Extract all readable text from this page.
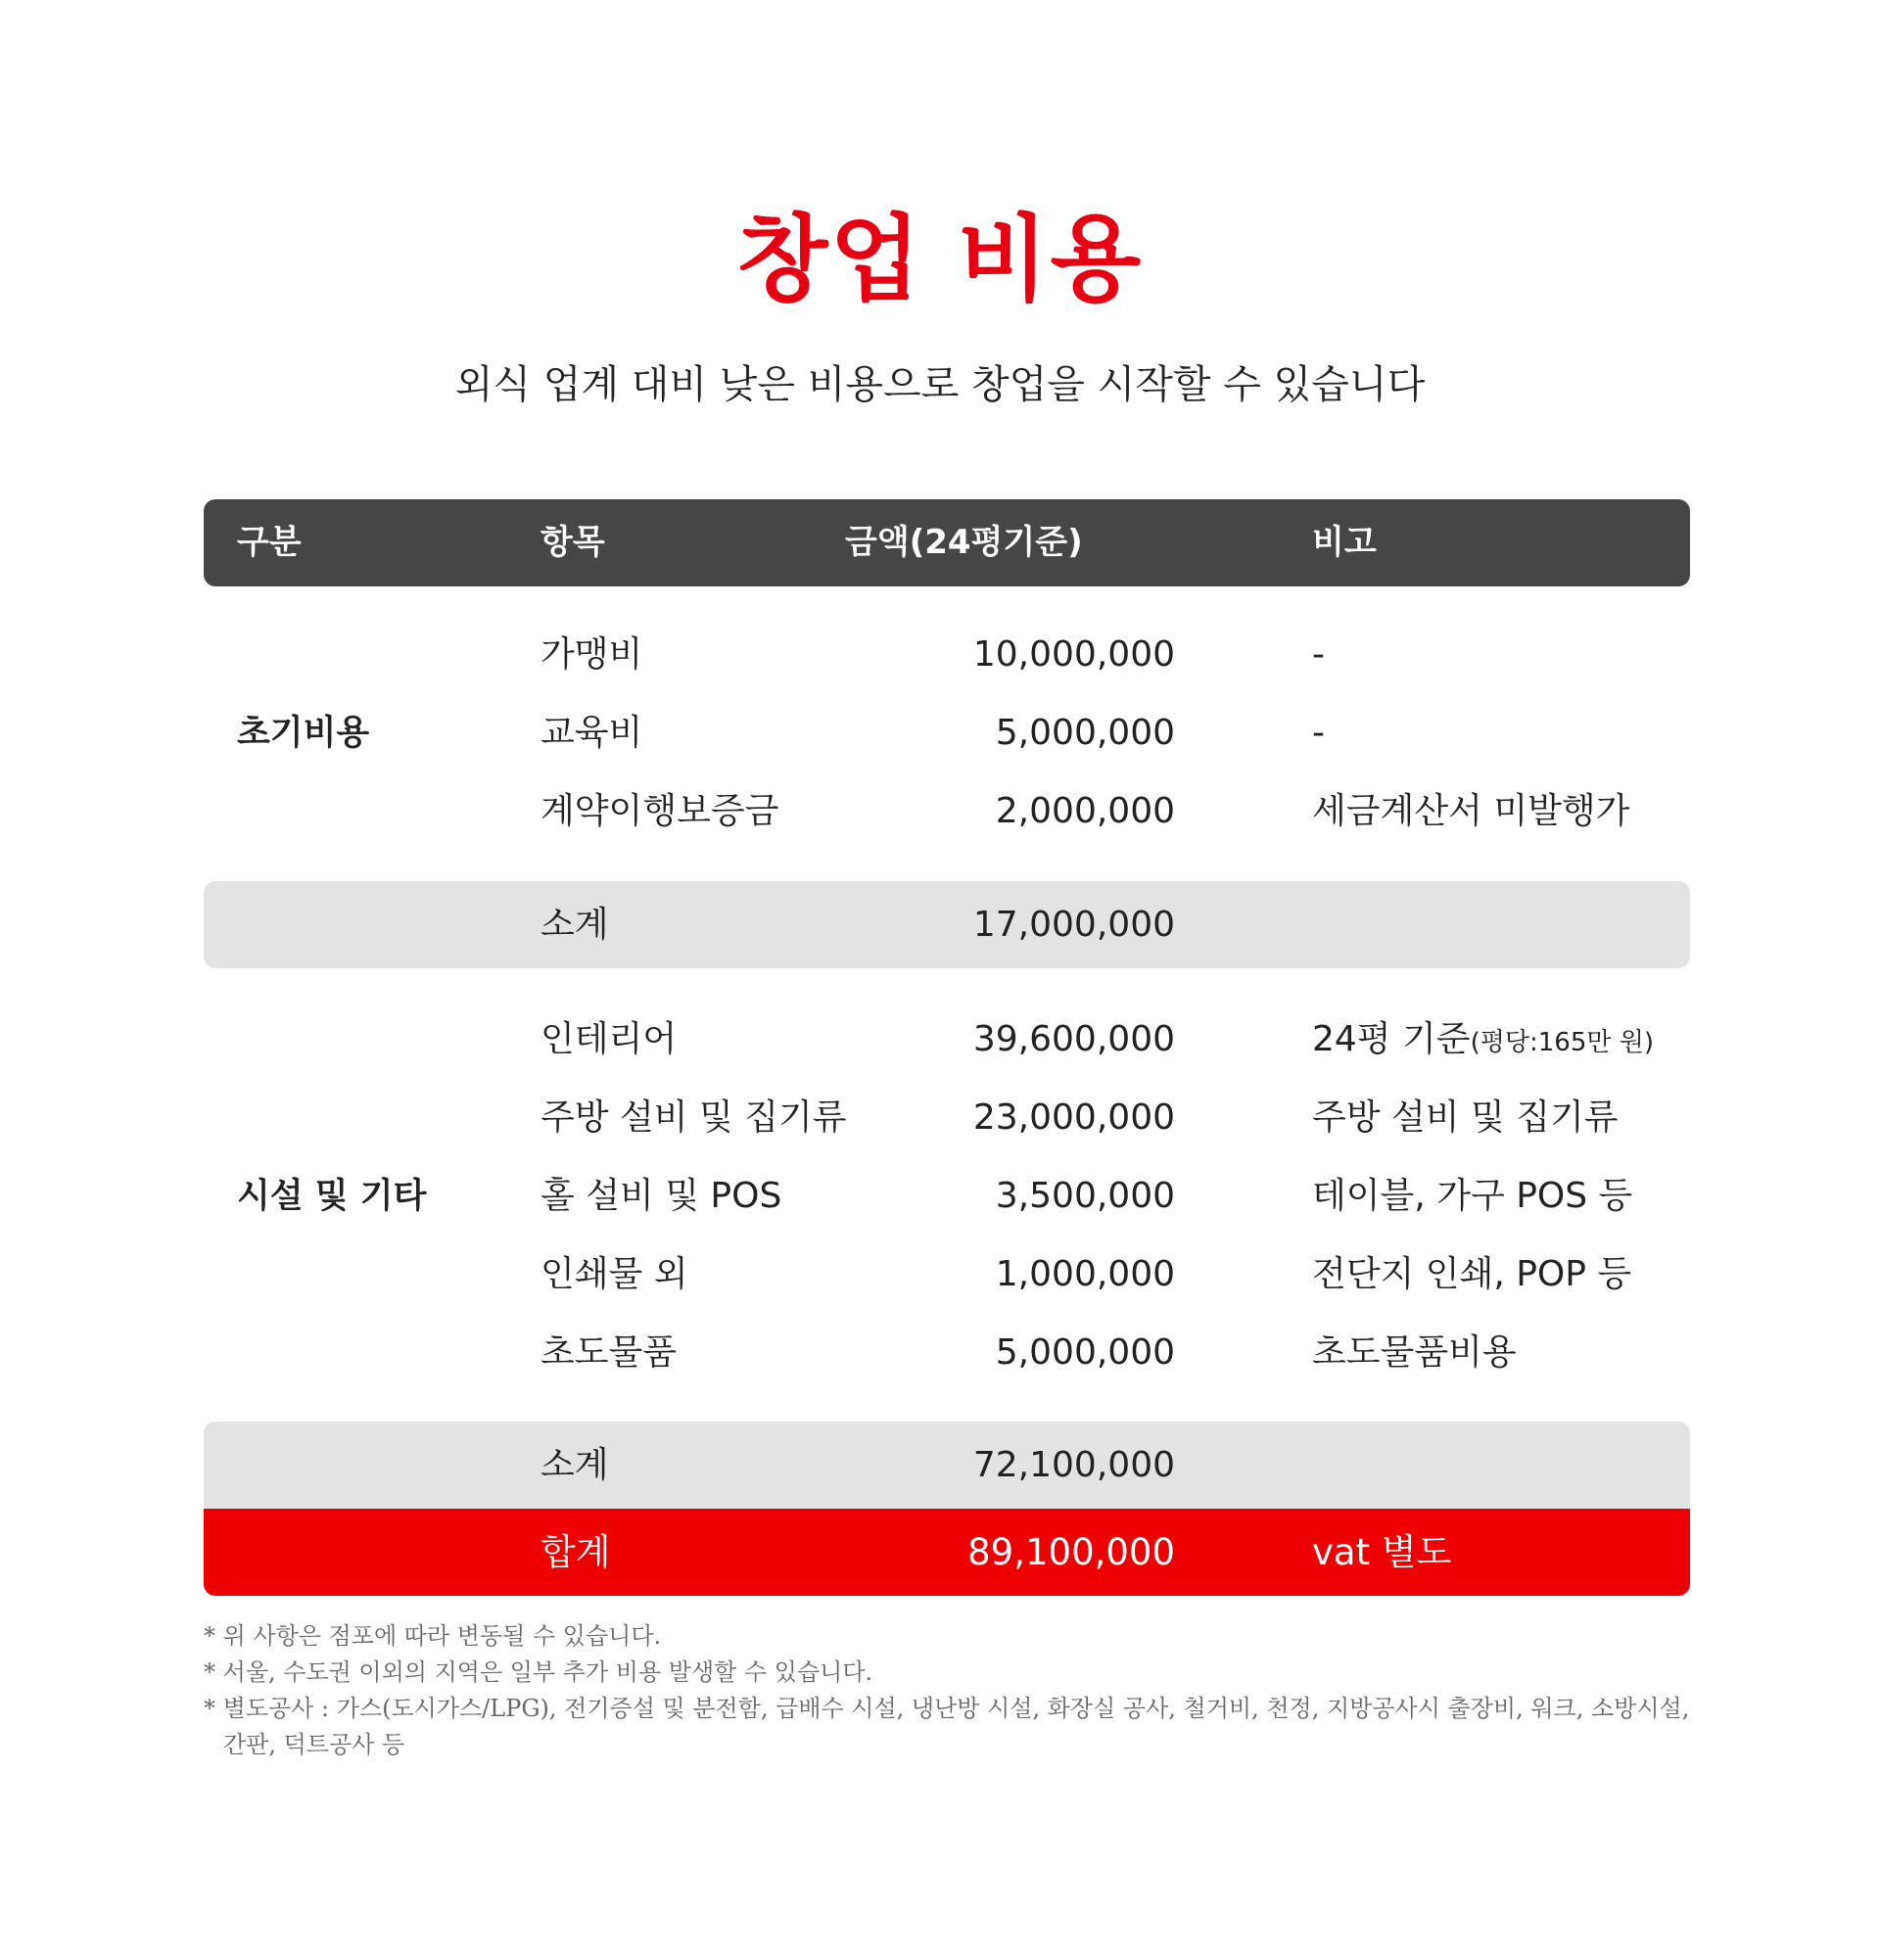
창업 비용
외식 업계 대비 낮은 비용으로 창업을 시작할 수 있습니다
구분	항목	금액(24평기준)	비고
초기비용
가맹비	10,000,000	-
교육비	5,000,000	-
계약이행보증금	2,000,000	세금계산서 미발행가
소계	17,000,000
시설 및 기타
인테리어	39,600,000	24평 기준(평당:165만 원)
주방 설비 및 집기류	23,000,000	주방 설비 및 집기류
홀 설비 및 POS	3,500,000	테이블, 가구 POS 등
인쇄물 외	1,000,000	전단지 인쇄, POP 등
초도물품	5,000,000	초도물품비용
소계	72,100,000
합계	89,100,000	vat 별도
* 위 사항은 점포에 따라 변동될 수 있습니다.
* 서울, 수도권 이외의 지역은 일부 추가 비용 발생할 수 있습니다.
* 별도공사 : 가스(도시가스/LPG), 전기증설 및 분전함, 급배수 시설, 냉난방 시설, 화장실 공사, 철거비, 천정, 지방공사시 출장비, 워크, 소방시설, 간판, 덕트공사 등
